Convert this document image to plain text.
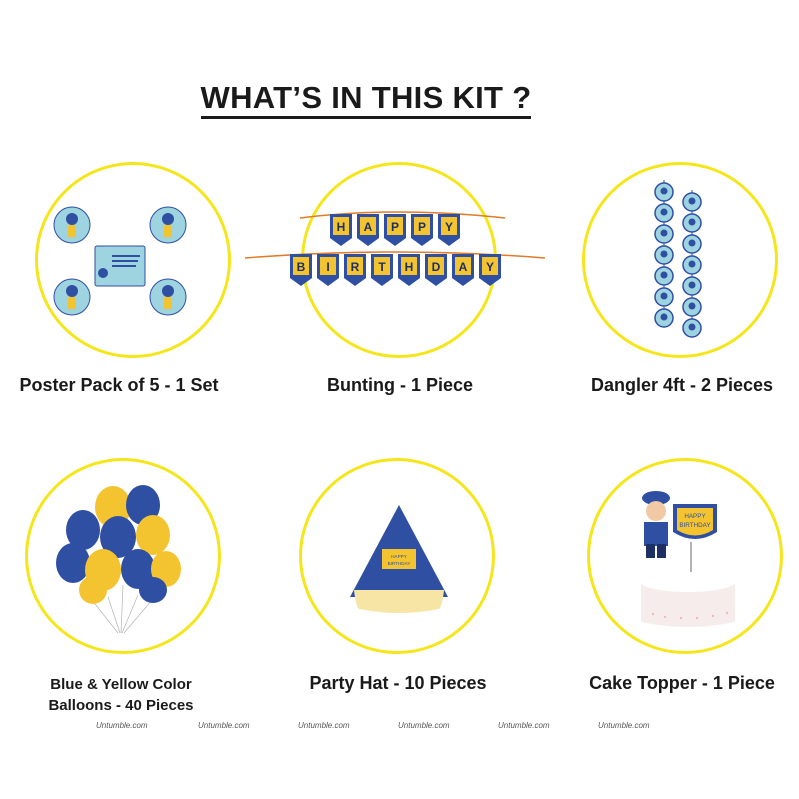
WHAT’S IN THIS KIT ?
H A P P Y
B I R T H D A Y
HAPPY
BIRTHDAY
HAPPY
BIRTHDAY
Poster Pack of 5 - 1 Set	Bunting - 1 Piece	Dangler 4ft - 2 Pieces
Blue & Yellow Color
Balloons - 40 Pieces
Party Hat - 10 Pieces	Cake Topper - 1 Piece
Untumble.com	Untumble.com	Untumble.com	Untumble.com	Untumble.com	Untumble.com
